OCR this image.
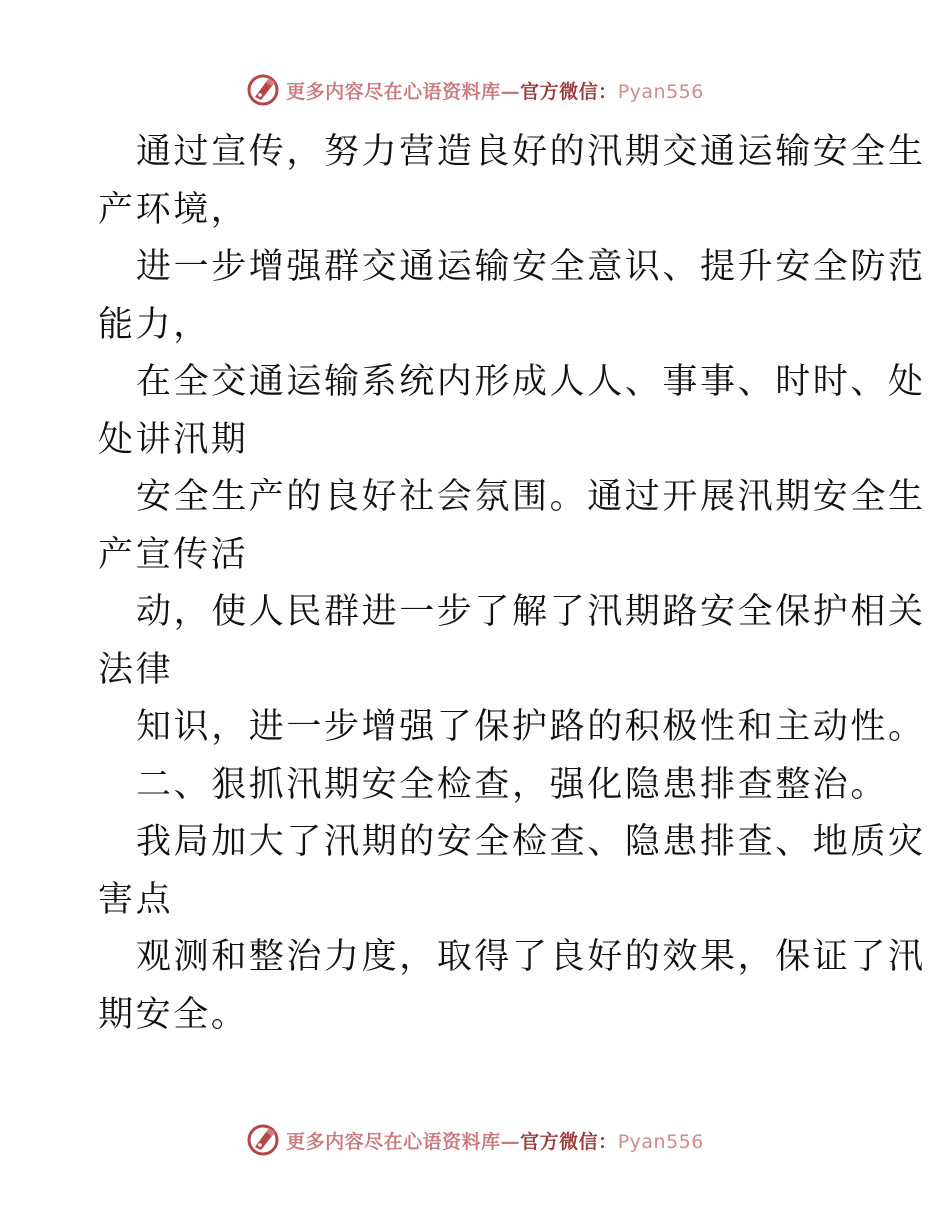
更多内容尽在心语资料库—官方微信：Pyan556
通过宣传，努力营造良好的汛期交通运输安全生
产环境，
进一步增强群交通运输安全意识、提升安全防范
能力，
在全交通运输系统内形成人人、事事、时时、处
处讲汛期
安全生产的良好社会氛围。通过开展汛期安全生
产宣传活
动，使人民群进一步了解了汛期路安全保护相关
法律
知识，进一步增强了保护路的积极性和主动性。
二、狠抓汛期安全检查，强化隐患排查整治。
我局加大了汛期的安全检查、隐患排查、地质灾
害点
观测和整治力度，取得了良好的效果，保证了汛
期安全。
更多内容尽在心语资料库—官方微信：Pyan556
